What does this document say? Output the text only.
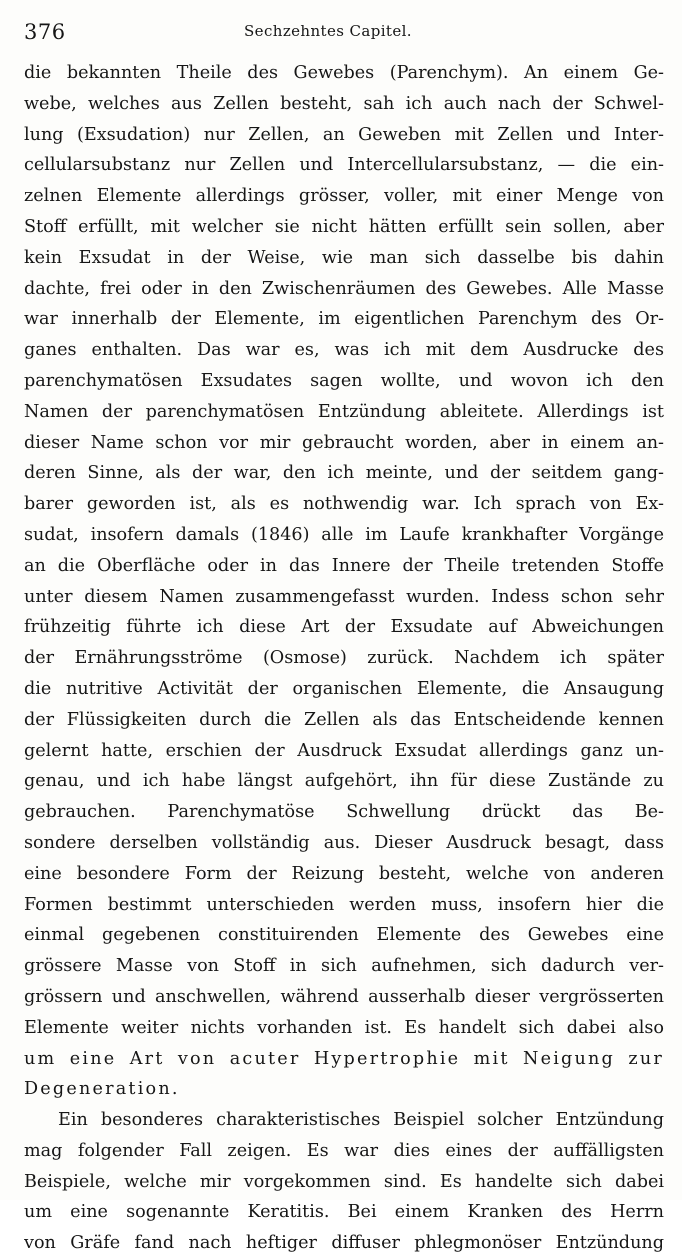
376	Sechzehntes Capitel.
die bekannten Theile des Gewebes (Parenchym). An einem Ge-
webe, welches aus Zellen besteht, sah ich auch nach der Schwel-
lung (Exsudation) nur Zellen, an Geweben mit Zellen und Inter-
cellularsubstanz nur Zellen und Intercellularsubstanz, — die ein-
zelnen Elemente allerdings grösser, voller, mit einer Menge von
Stoff erfüllt, mit welcher sie nicht hätten erfüllt sein sollen, aber
kein Exsudat in der Weise, wie man sich dasselbe bis dahin
dachte, frei oder in den Zwischenräumen des Gewebes. Alle Masse
war innerhalb der Elemente, im eigentlichen Parenchym des Or-
ganes enthalten. Das war es, was ich mit dem Ausdrucke des
parenchymatösen Exsudates sagen wollte, und wovon ich den
Namen der parenchymatösen Entzündung ableitete. Allerdings ist
dieser Name schon vor mir gebraucht worden, aber in einem an-
deren Sinne, als der war, den ich meinte, und der seitdem gang-
barer geworden ist, als es nothwendig war. Ich sprach von Ex-
sudat, insofern damals (1846) alle im Laufe krankhafter Vorgänge
an die Oberfläche oder in das Innere der Theile tretenden Stoffe
unter diesem Namen zusammengefasst wurden. Indess schon sehr
frühzeitig führte ich diese Art der Exsudate auf Abweichungen
der Ernährungsströme (Osmose) zurück. Nachdem ich später
die nutritive Activität der organischen Elemente, die Ansaugung
der Flüssigkeiten durch die Zellen als das Entscheidende kennen
gelernt hatte, erschien der Ausdruck Exsudat allerdings ganz un-
genau, und ich habe längst aufgehört, ihn für diese Zustände zu
gebrauchen. Parenchymatöse Schwellung drückt das Be-
sondere derselben vollständig aus. Dieser Ausdruck besagt, dass
eine besondere Form der Reizung besteht, welche von anderen
Formen bestimmt unterschieden werden muss, insofern hier die
einmal gegebenen constituirenden Elemente des Gewebes eine
grössere Masse von Stoff in sich aufnehmen, sich dadurch ver-
grössern und anschwellen, während ausserhalb dieser vergrösserten
Elemente weiter nichts vorhanden ist. Es handelt sich dabei also
um eine Art von acuter Hypertrophie mit Neigung zur
Degeneration.
Ein besonderes charakteristisches Beispiel solcher Entzündung
mag folgender Fall zeigen. Es war dies eines der auffälligsten
Beispiele, welche mir vorgekommen sind. Es handelte sich dabei
um eine sogenannte Keratitis. Bei einem Kranken des Herrn
von Gräfe fand nach heftiger diffuser phlegmonöser Entzündung
